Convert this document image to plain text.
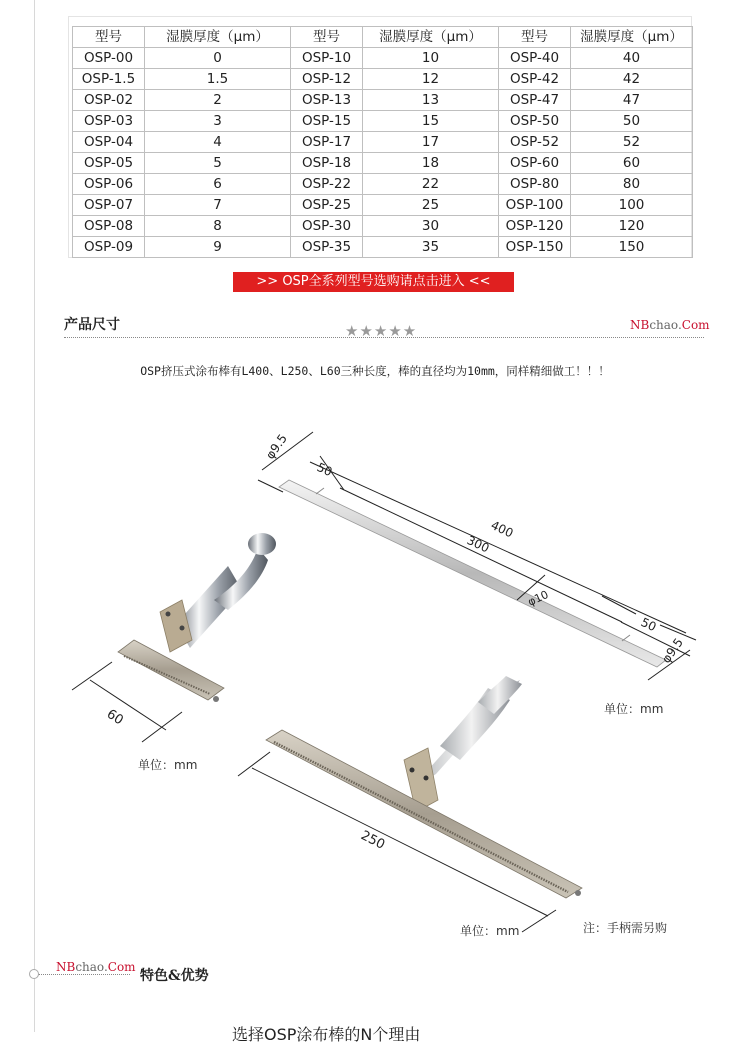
型号	湿膜厚度（μm）	型号	湿膜厚度（μm）	型号	湿膜厚度（μm）
OSP-00	0	OSP-10	10	OSP-40	40
OSP-1.5	1.5	OSP-12	12	OSP-42	42
OSP-02	2	OSP-13	13	OSP-47	47
OSP-03	3	OSP-15	15	OSP-50	50
OSP-04	4	OSP-17	17	OSP-52	52
OSP-05	5	OSP-18	18	OSP-60	60
OSP-06	6	OSP-22	22	OSP-80	80
OSP-07	7	OSP-25	25	OSP-100	100
OSP-08	8	OSP-30	30	OSP-120	120
OSP-09	9	OSP-35	35	OSP-150	150
>> OSP全系列型号选购请点击进入 <<
产品尺寸	★★★★★	NBchao.Com
OSP挤压式涂布棒有L400、L250、L60三种长度，棒的直径均为10mm，同样精细做工！！！
φ9.5
50
400
300
φ10
50
φ9.5
60
250
单位：mm
单位：mm
单位：mm	注：手柄需另购
NBchao.Com
特色&优势
选择OSP涂布棒的N个理由
